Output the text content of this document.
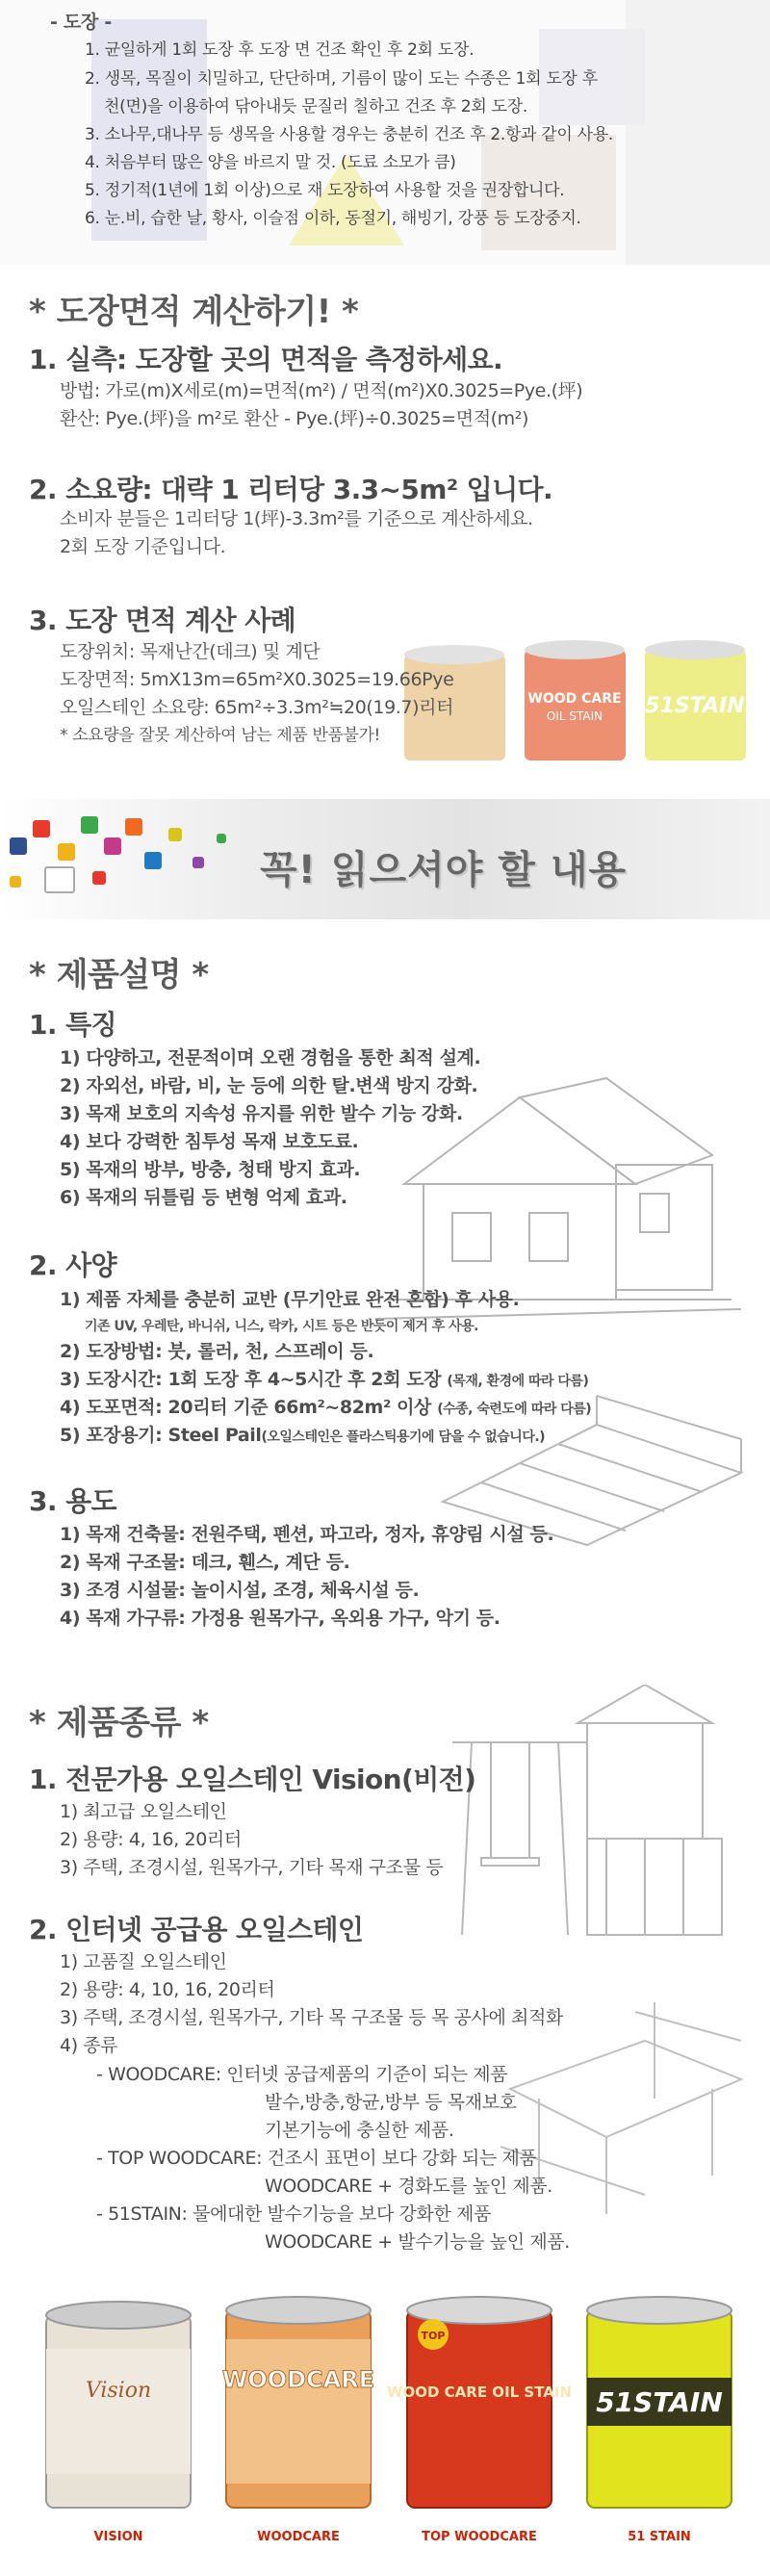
- 도장 -
1. 균일하게 1회 도장 후 도장 면 건조 확인 후 2회 도장.
2. 생목, 목질이 치밀하고, 단단하며, 기름이 많이 도는 수종은 1회 도장 후
천(면)을 이용하여 닦아내듯 문질러 칠하고 건조 후 2회 도장.
3. 소나무,대나무 등 생목을 사용할 경우는 충분히 건조 후 2.항과 같이 사용.
4. 처음부터 많은 양을 바르지 말 것. (도료 소모가 큼)
5. 정기적(1년에 1회 이상)으로 재 도장하여 사용할 것을 권장합니다.
6. 눈.비, 습한 날, 황사, 이슬점 이하, 동절기, 해빙기, 강풍 등 도장중지.
* 도장면적 계산하기! *
1. 실측: 도장할 곳의 면적을 측정하세요.
방법: 가로(m)X세로(m)=면적(m²) / 면적(m²)X0.3025=Pye.(坪)
환산: Pye.(坪)을 m²로 환산 - Pye.(坪)÷0.3025=면적(m²)
2. 소요량: 대략 1 리터당 3.3~5m² 입니다.
소비자 분들은 1리터당 1(坪)-3.3m²를 기준으로 계산하세요.
2회 도장 기준입니다.
WOOD CARE
OIL STAIN 51STAIN
3. 도장 면적 계산 사례
도장위치: 목재난간(데크) 및 계단
도장면적: 5mX13m=65m²X0.3025=19.66Pye
오일스테인 소요량: 65m²÷3.3m²≒20(19.7)리터
* 소요량을 잘못 계산하여 남는 제품 반품불가!
꼭! 읽으셔야 할 내용
* 제품설명 *
1. 특징
1) 다양하고, 전문적이며 오랜 경험을 통한 최적 설계.
2) 자외선, 바람, 비, 눈 등에 의한 탈.변색 방지 강화.
3) 목재 보호의 지속성 유지를 위한 발수 기능 강화.
4) 보다 강력한 침투성 목재 보호도료.
5) 목재의 방부, 방충, 청태 방지 효과.
6) 목재의 뒤틀림 등 변형 억제 효과.
2. 사양
1) 제품 자체를 충분히 교반 (무기안료 완전 혼합) 후 사용.
기존 UV, 우레탄, 바니쉬, 니스, 락카, 시트 등은 반듯이 제거 후 사용.
2) 도장방법: 붓, 롤러, 천, 스프레이 등.
3) 도장시간: 1회 도장 후 4~5시간 후 2회 도장 (목재, 환경에 따라 다름)
4) 도포면적: 20리터 기준 66m²~82m² 이상 (수종, 숙련도에 따라 다름)
5) 포장용기: Steel Pail(오일스테인은 플라스틱용기에 담을 수 없습니다.)
3. 용도
1) 목재 건축물: 전원주택, 펜션, 파고라, 정자, 휴양림 시설 등.
2) 목재 구조물: 데크, 휀스, 계단 등.
3) 조경 시설물: 놀이시설, 조경, 체육시설 등.
4) 목재 가구류: 가정용 원목가구, 옥외용 가구, 악기 등.
* 제품종류 *
1. 전문가용 오일스테인 Vision(비전)
1) 최고급 오일스테인
2) 용량: 4, 16, 20리터
3) 주택, 조경시설, 원목가구, 기타 목재 구조물 등
2. 인터넷 공급용 오일스테인
1) 고품질 오일스테인
2) 용량: 4, 10, 16, 20리터
3) 주택, 조경시설, 원목가구, 기타 목 구조물 등 목 공사에 최적화
4) 종류
- WOODCARE: 인터넷 공급제품의 기준이 되는 제품
발수,방충,항균,방부 등 목재보호
기본기능에 충실한 제품.
- TOP WOODCARE: 건조시 표면이 보다 강화 되는 제품
WOODCARE + 경화도를 높인 제품.
- 51STAIN: 물에대한 발수기능을 보다 강화한 제품
WOODCARE + 발수기능을 높인 제품.
Vision	WOODCARE
TOP
WOOD CARE OIL STAIN 51STAIN
VISION	WOODCARE	TOP WOODCARE	51 STAIN
